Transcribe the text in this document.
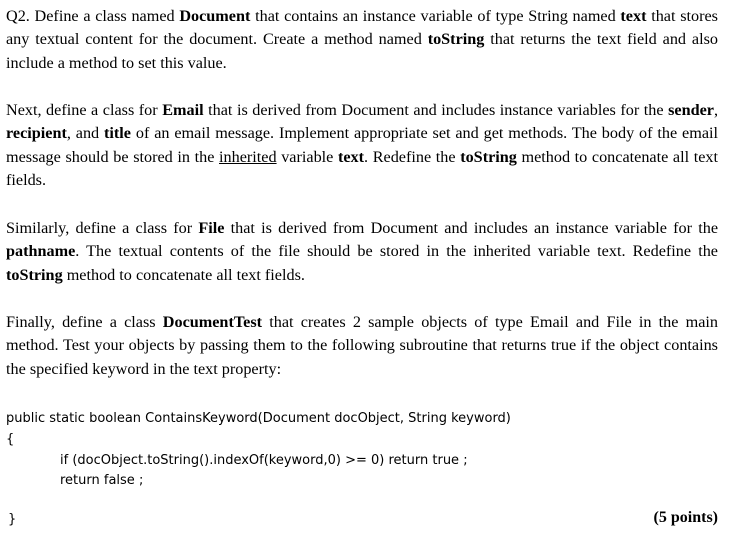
Q2. Define a class named Document that contains an instance variable of type String named text that stores any textual content for the document. Create a method named toString that returns the text field and also include a method to set this value.

Next, define a class for Email that is derived from Document and includes instance variables for the sender, recipient, and title of an email message. Implement appropriate set and get methods. The body of the email message should be stored in the inherited variable text. Redefine the toString method to concatenate all text fields.

Similarly, define a class for File that is derived from Document and includes an instance variable for the pathname. The textual contents of the file should be stored in the inherited variable text. Redefine the toString method to concatenate all text fields.

Finally, define a class DocumentTest that creates 2 sample objects of type Email and File in the main method. Test your objects by passing them to the following subroutine that returns true if the object contains the specified keyword in the text property:

public static boolean ContainsKeyword(Document docObject, String keyword)
{
if (docObject.toString().indexOf(keyword,0) >= 0) return true ;
return false ;
}	(5 points)
